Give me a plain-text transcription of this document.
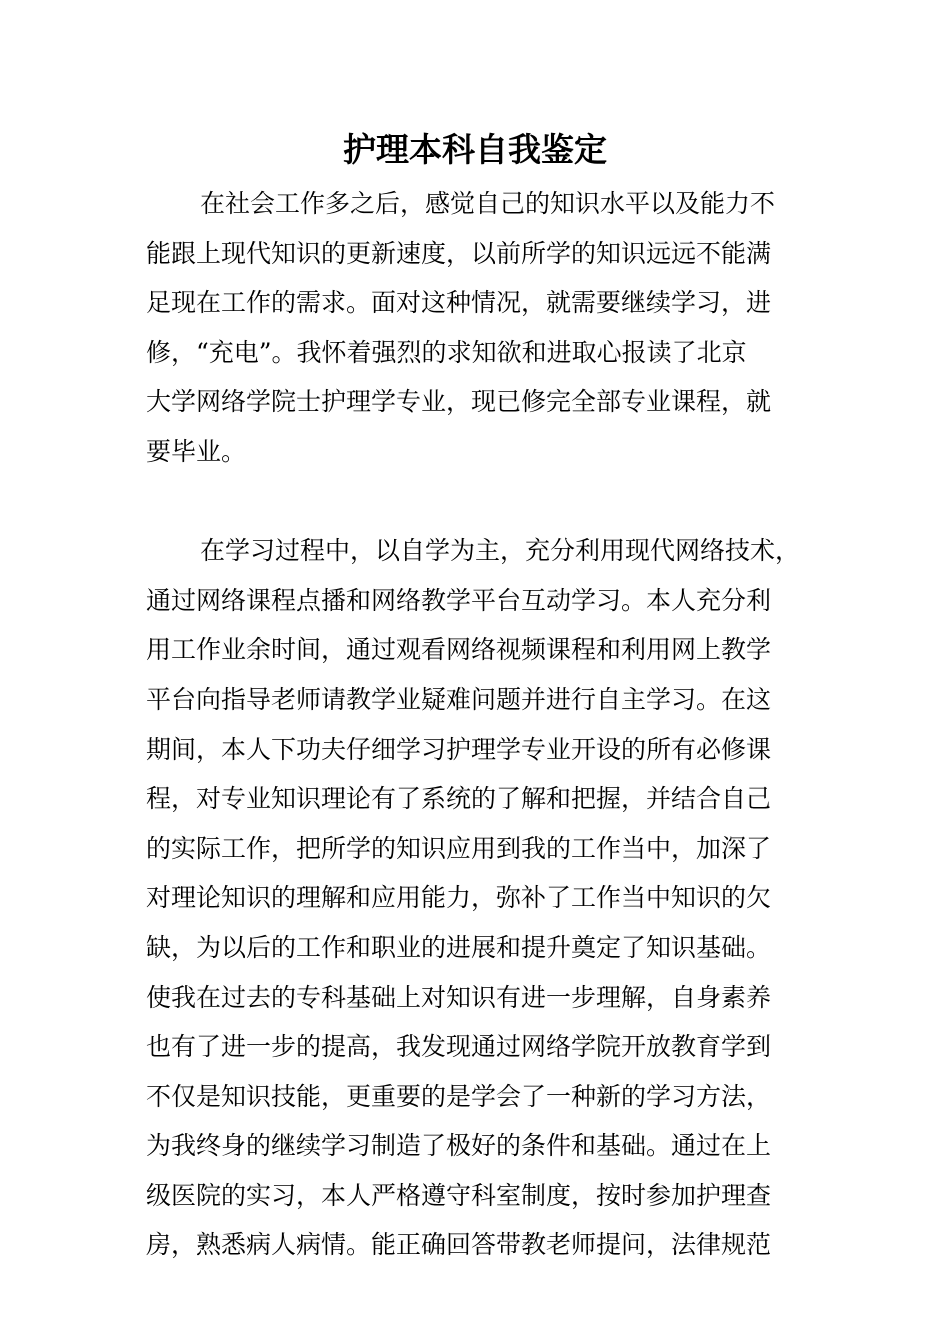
护理本科自我鉴定
在社会工作多之后，感觉自己的知识水平以及能力不
能跟上现代知识的更新速度，以前所学的知识远远不能满
足现在工作的需求。面对这种情况，就需要继续学习，进
修，“充电”。我怀着强烈的求知欲和进取心报读了北京
大学网络学院士护理学专业，现已修完全部专业课程，就
要毕业。
在学习过程中，以自学为主，充分利用现代网络技术，
通过网络课程点播和网络教学平台互动学习。本人充分利
用工作业余时间，通过观看网络视频课程和利用网上教学
平台向指导老师请教学业疑难问题并进行自主学习。在这
期间，本人下功夫仔细学习护理学专业开设的所有必修课
程，对专业知识理论有了系统的了解和把握，并结合自己
的实际工作，把所学的知识应用到我的工作当中，加深了
对理论知识的理解和应用能力，弥补了工作当中知识的欠
缺，为以后的工作和职业的进展和提升奠定了知识基础。
使我在过去的专科基础上对知识有进一步理解，自身素养
也有了进一步的提高，我发现通过网络学院开放教育学到
不仅是知识技能，更重要的是学会了一种新的学习方法，
为我终身的继续学习制造了极好的条件和基础。通过在上
级医院的实习，本人严格遵守科室制度，按时参加护理查
房，熟悉病人病情。能正确回答带教老师提问，法律规范
